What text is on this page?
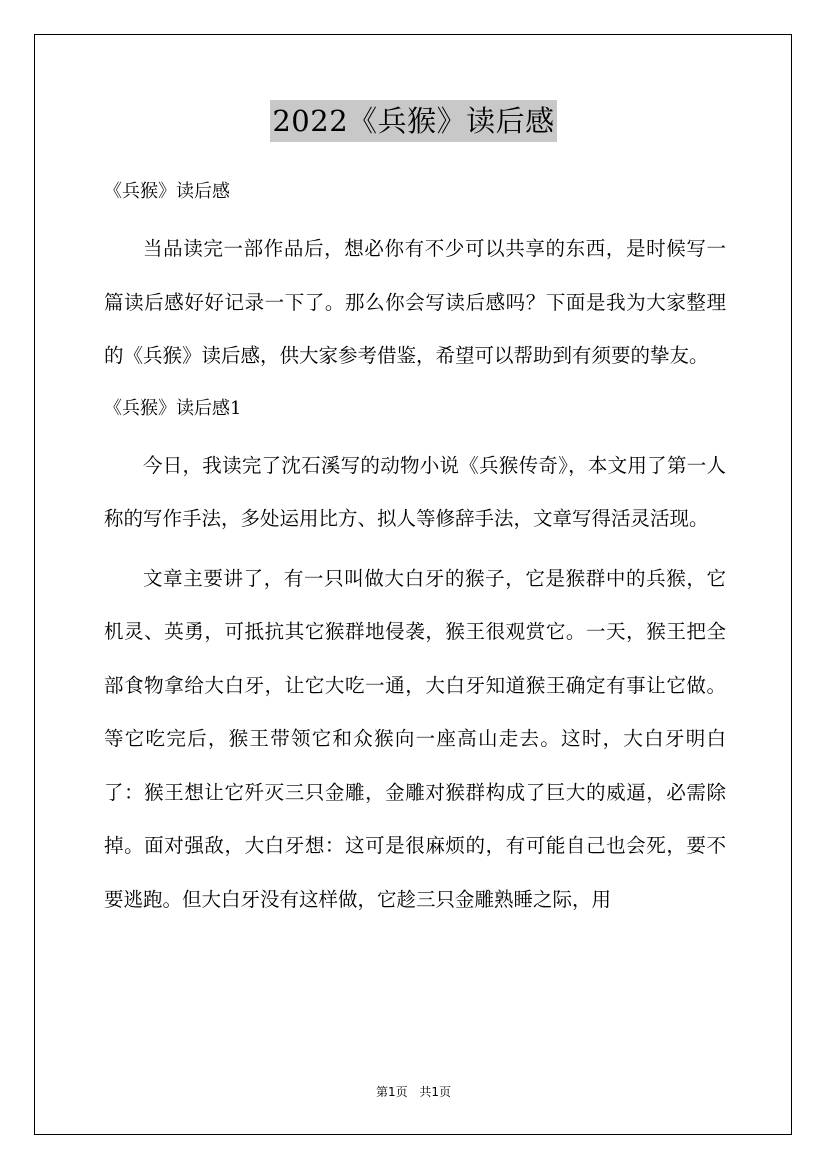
2022《兵猴》读后感

《兵猴》读后感

当品读完一部作品后，想必你有不少可以共享的东西，是时候写一篇读后感好好记录一下了。那么你会写读后感吗？下面是我为大家整理的《兵猴》读后感，供大家参考借鉴，希望可以帮助到有须要的挚友。

《兵猴》读后感1

今日，我读完了沈石溪写的动物小说《兵猴传奇》，本文用了第一人称的写作手法，多处运用比方、拟人等修辞手法，文章写得活灵活现。

文章主要讲了，有一只叫做大白牙的猴子，它是猴群中的兵猴，它机灵、英勇，可抵抗其它猴群地侵袭，猴王很观赏它。一天，猴王把全部食物拿给大白牙，让它大吃一通，大白牙知道猴王确定有事让它做。等它吃完后，猴王带领它和众猴向一座高山走去。这时，大白牙明白了：猴王想让它歼灭三只金雕，金雕对猴群构成了巨大的威逼，必需除掉。面对强敌，大白牙想：这可是很麻烦的，有可能自己也会死，要不要逃跑。但大白牙没有这样做，它趁三只金雕熟睡之际，用

第1页 共1页
